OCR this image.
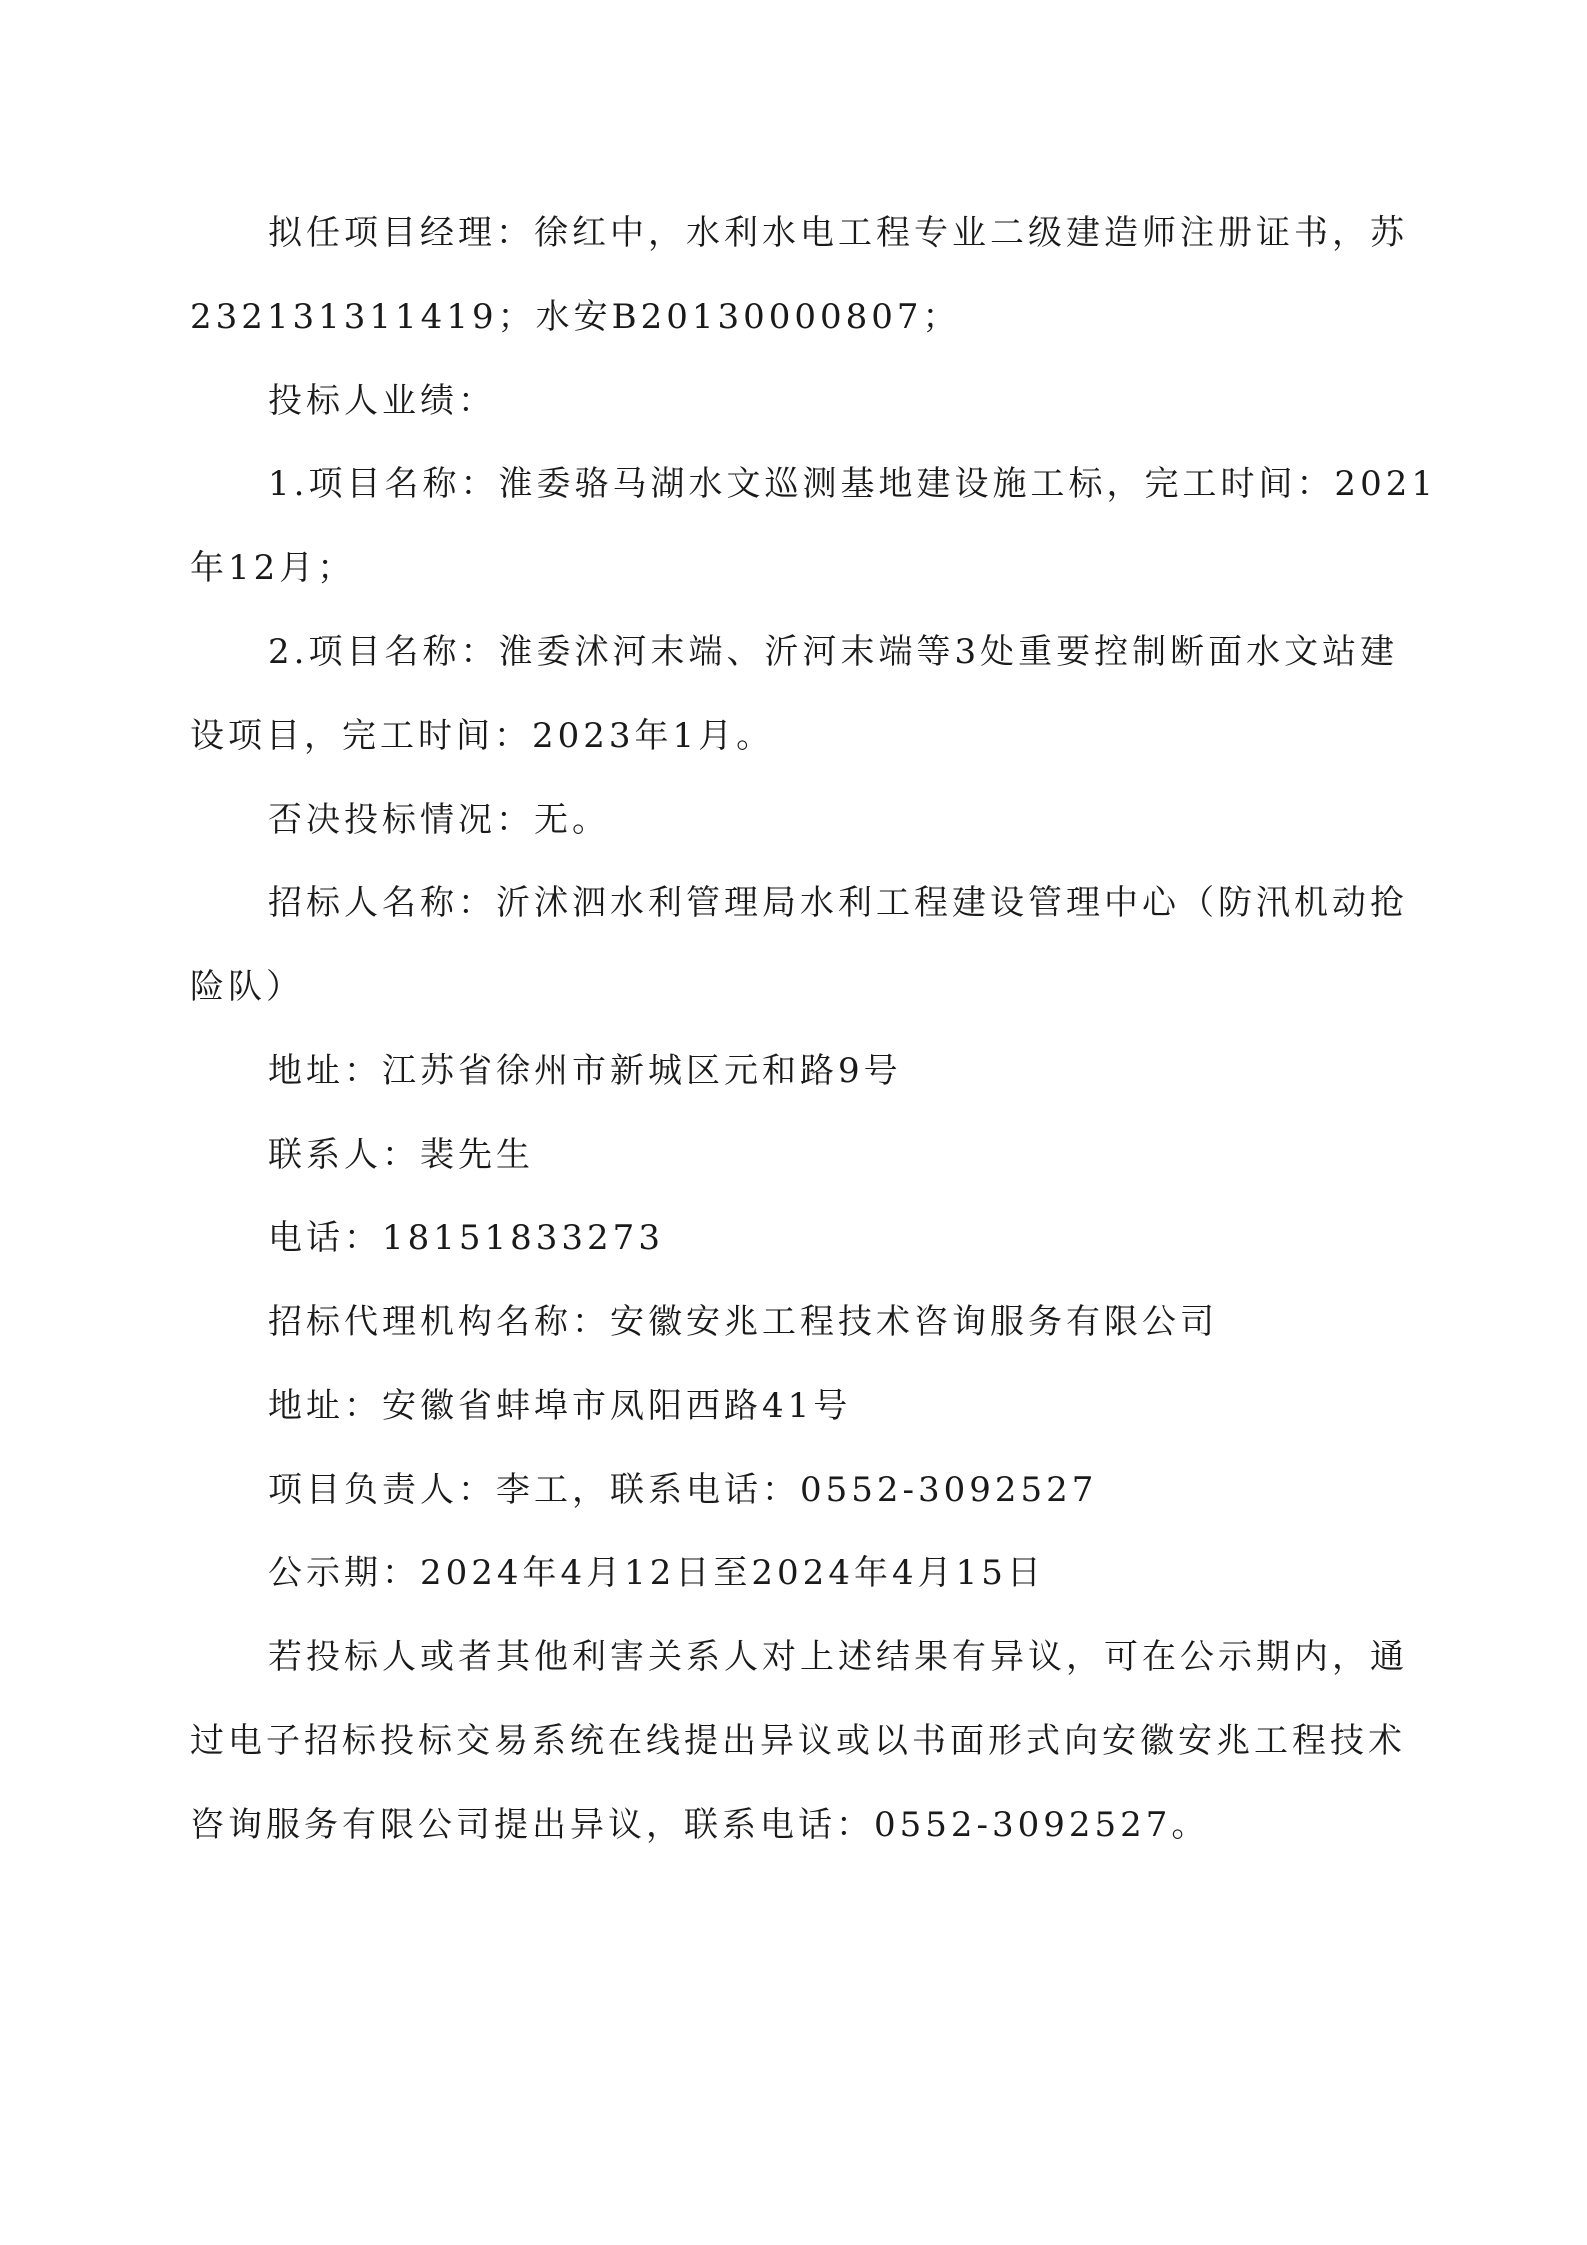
拟任项目经理：徐红中，水利水电工程专业二级建造师注册证书，苏
232131311419；水安B20130000807；
投标人业绩：
1.项目名称：淮委骆马湖水文巡测基地建设施工标，完工时间：2021
年12月；
2.项目名称：淮委沭河末端、沂河末端等3处重要控制断面水文站建
设项目，完工时间：2023年1月。
否决投标情况：无。
招标人名称：沂沭泗水利管理局水利工程建设管理中心（防汛机动抢
险队）
地址：江苏省徐州市新城区元和路9号
联系人：裴先生
电话：18151833273
招标代理机构名称：安徽安兆工程技术咨询服务有限公司
地址：安徽省蚌埠市凤阳西路41号
项目负责人：李工，联系电话：0552-3092527
公示期：2024年4月12日至2024年4月15日
若投标人或者其他利害关系人对上述结果有异议，可在公示期内，通
过电子招标投标交易系统在线提出异议或以书面形式向安徽安兆工程技术
咨询服务有限公司提出异议，联系电话：0552-3092527。
